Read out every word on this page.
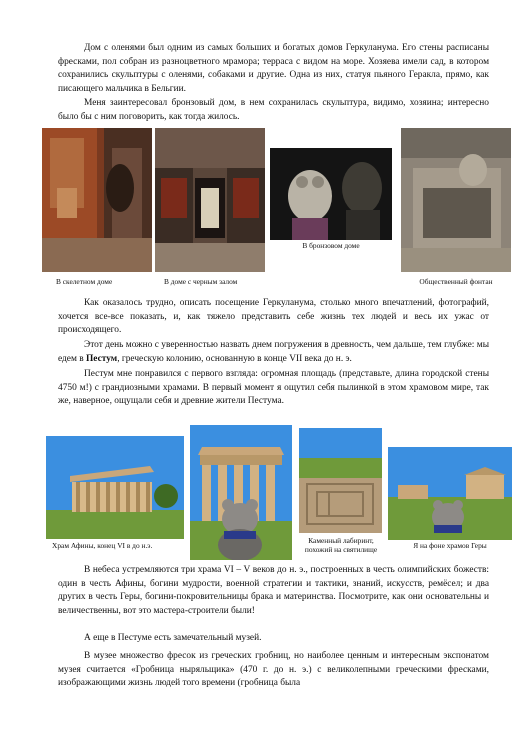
Дом с оленями был одним из самых больших и богатых домов Геркуланума. Его стены расписаны фресками, пол собран из разноцветного мрамора; терраса с видом на море. Хозяева имели сад, в котором сохранились скульптуры с оленями, собаками и другие. Одна из них, статуя пьяного Геракла, прямо, как писающего мальчика в Бельгии.

Меня заинтересовал бронзовый дом, в нем сохранилась скульптура, видимо, хозяина; интересно было бы с ним поговорить, как тогда жилось.

В бронзовом доме
В скелетном доме	В доме с черным залом	Общественный фонтан

Как оказалось трудно, описать посещение Геркуланума, столько много впечатлений, фотографий, хочется все-все показать, и, как тяжело представить себе жизнь тех людей и весь их ужас от происходящего.

Этот день можно с уверенностью назвать днем погружения в древность, чем дальше, тем глубже: мы едем в Пестум, греческую колонию, основанную в конце VII века до н. э.

Пестум мне понравился с первого взгляда: огромная площадь (представьте, длина городской стены 4750 м!) с грандиозными храмами. В первый момент я ощутил себя пылинкой в этом храмовом мире, так же, наверное, ощущали себя и древние жители Пестума.

Храм Афины, конец VI в до н.э.
Каменный лабиринт, похожий на святилище	Я на фоне храмов Геры

В небеса устремляются три храма VI – V веков до н. э., построенных в честь олимпийских божеств: один в честь Афины, богини мудрости, военной стратегии и тактики, знаний, искусств, ремёсел; и два других в честь Геры, богини-покровительницы брака и материнства. Посмотрите, как они основательны и величественны, вот это мастера-строители были!

А еще в Пестуме есть замечательный музей.

В музее множество фресок из греческих гробниц, но наиболее ценным и интересным экспонатом музея считается «Гробница ныряльщика» (470 г. до н. э.) с великолепными греческими фресками, изображающими жизнь людей того времени (гробница была
